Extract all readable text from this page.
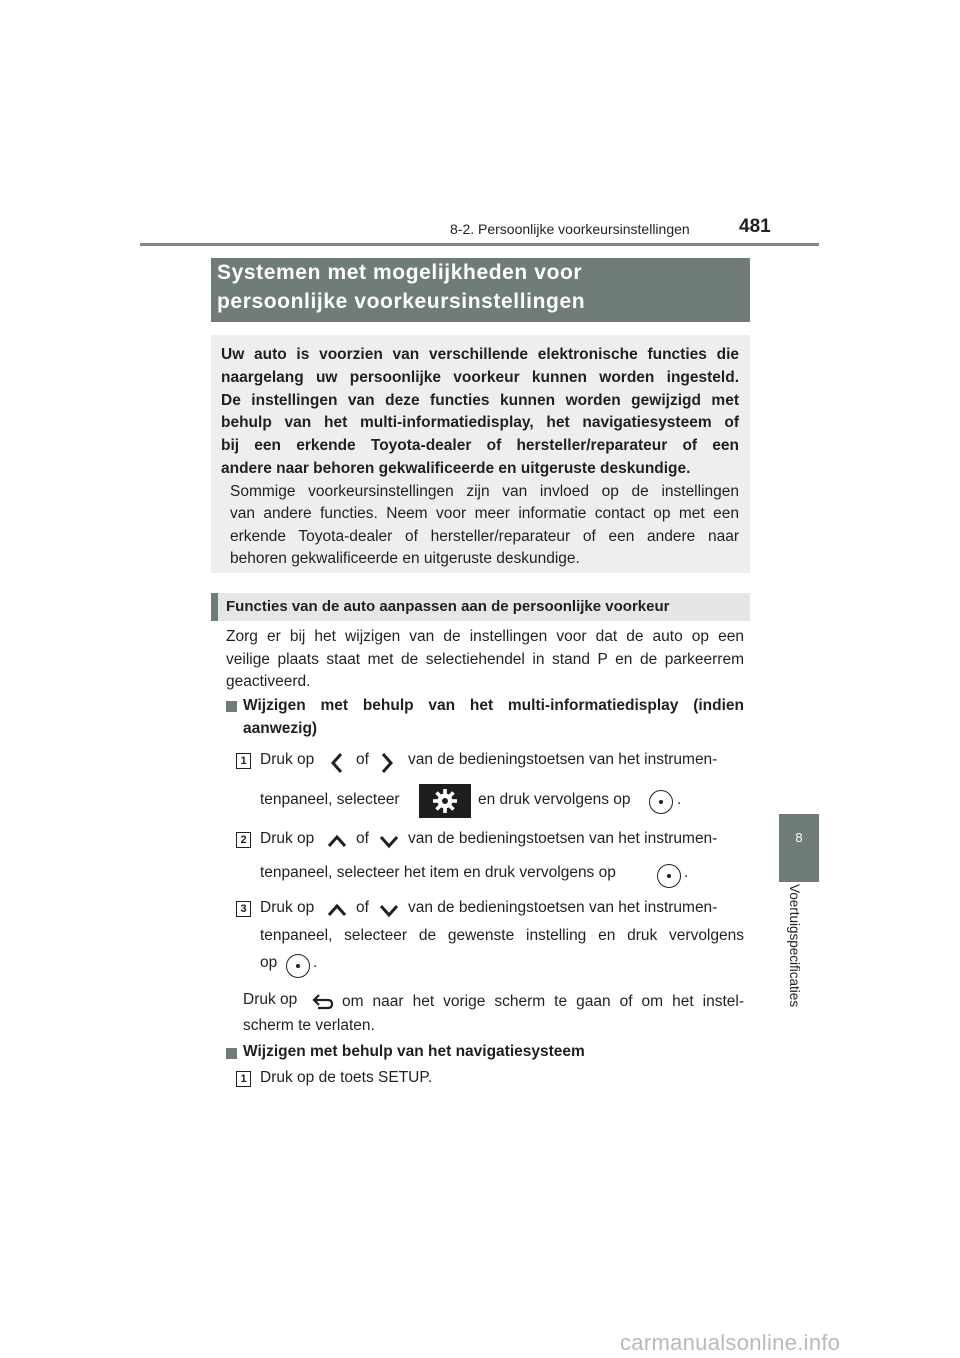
8-2. Persoonlijke voorkeursinstellingen	481
8
Voertuigspecificaties
Systemen met mogelijkheden voor
persoonlijke voorkeursinstellingen
Uw auto is voorzien van verschillende elektronische functies die
naargelang uw persoonlijke voorkeur kunnen worden ingesteld.
De instellingen van deze functies kunnen worden gewijzigd met
behulp van het multi-informatiedisplay, het navigatiesysteem of
bij een erkende Toyota-dealer of hersteller/reparateur of een
andere naar behoren gekwalificeerde en uitgeruste deskundige.
Sommige voorkeursinstellingen zijn van invloed op de instellingen
van andere functies. Neem voor meer informatie contact op met een
erkende Toyota-dealer of hersteller/reparateur of een andere naar
behoren gekwalificeerde en uitgeruste deskundige.
Functies van de auto aanpassen aan de persoonlijke voorkeur
Zorg er bij het wijzigen van de instellingen voor dat de auto op een
veilige plaats staat met de selectiehendel in stand P en de parkeerrem
geactiveerd.
Wijzigen met behulp van het multi-informatiedisplay (indien
aanwezig)
1 Druk op	of	van de bedieningstoetsen van het instrumen-
tenpaneel, selecteer	en druk vervolgens op	.
2 Druk op	of	van de bedieningstoetsen van het instrumen-
tenpaneel, selecteer het item en druk vervolgens op	.
3 Druk op	of	van de bedieningstoetsen van het instrumen-
tenpaneel, selecteer de gewenste instelling en druk vervolgens
op .
Druk op	om naar het vorige scherm te gaan of om het instel-
scherm te verlaten.
Wijzigen met behulp van het navigatiesysteem
1 Druk op de toets SETUP.
carmanualsonline.info
